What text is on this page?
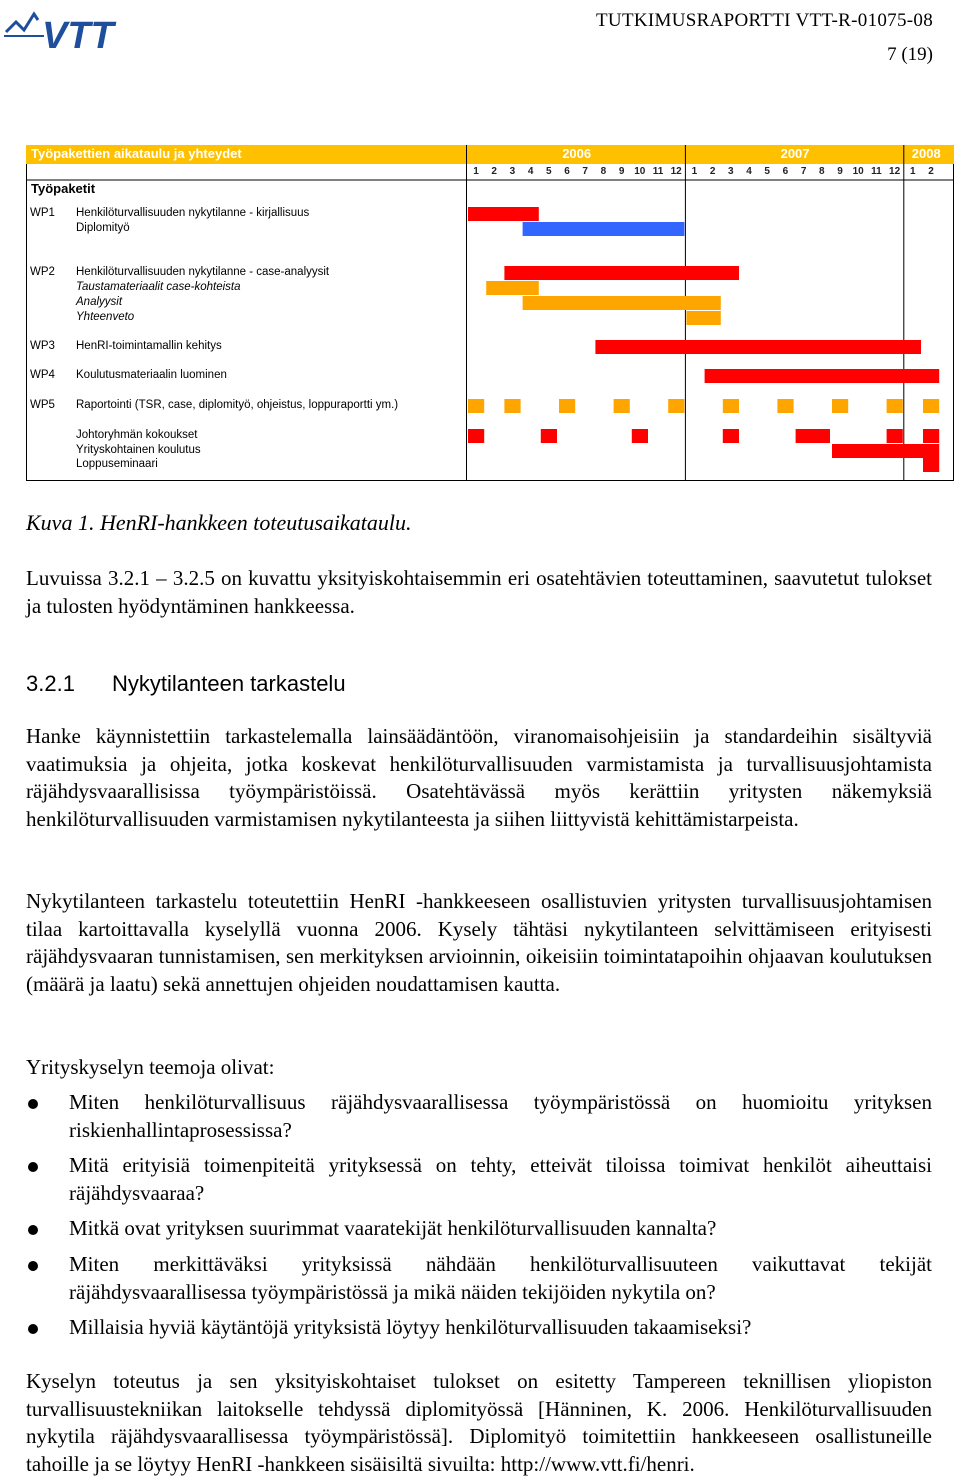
VTT	TUTKIMUSRAPORTTI VTT-R-01075-08
7 (19)
Työpakettien aikataulu ja yhteydet
Työpaketit
2006	2007	2008
1	2	3	4	5	6	7	8	9 10 11 12 1	2	3	4	5	6	7	8	9 10 11 12 1	2
WP1 Henkilöturvallisuuden nykytilanne - kirjallisuus
Diplomityö
WP2 Henkilöturvallisuuden nykytilanne - case-analyysit
Taustamateriaalit case-kohteista
Analyysit
Yhteenveto
WP3 HenRI-toimintamallin kehitys
WP4 Koulutusmateriaalin luominen
WP5 Raportointi (TSR, case, diplomityö, ohjeistus, loppuraportti ym.)
Johtoryhmän kokoukset
Yrityskohtainen koulutus
Loppuseminaari
Kuva 1. HenRI-hankkeen toteutusaikataulu.
Luvuissa 3.2.1 – 3.2.5 on kuvattu yksityiskohtaisemmin eri osatehtävien toteuttaminen, saavutetut tulokset ja tulosten hyödyntäminen hankkeessa.
3.2.1 Nykytilanteen tarkastelu
Hanke käynnistettiin tarkastelemalla lainsäädäntöön, viranomaisohjeisiin ja standardeihin sisältyviä vaatimuksia ja ohjeita, jotka koskevat henkilöturvallisuuden varmistamista ja turvallisuusjohtamista räjähdysvaarallisissa työympäristöissä. Osatehtävässä myös kerättiin yritysten näkemyksiä henkilöturvallisuuden varmistamisen nykytilanteesta ja siihen liittyvistä kehittämistarpeista.
Nykytilanteen tarkastelu toteutettiin HenRI -hankkeeseen osallistuvien yritysten turvallisuusjohtamisen tilaa kartoittavalla kyselyllä vuonna 2006. Kysely tähtäsi nykytilanteen selvittämiseen erityisesti räjähdysvaaran tunnistamisen, sen merkityksen arvioinnin, oikeisiin toimintatapoihin ohjaavan koulutuksen (määrä ja laatu) sekä annettujen ohjeiden noudattamisen kautta.
Yrityskyselyn teemoja olivat:
Miten henkilöturvallisuus räjähdysvaarallisessa työympäristössä on huomioitu yrityksen riskienhallintaprosessissa?
Mitä erityisiä toimenpiteitä yrityksessä on tehty, etteivät tiloissa toimivat henkilöt aiheuttaisi räjähdysvaaraa?
Mitkä ovat yrityksen suurimmat vaaratekijät henkilöturvallisuuden kannalta?
Miten merkittäväksi yrityksissä nähdään henkilöturvallisuuteen vaikuttavat tekijät räjähdysvaarallisessa työympäristössä ja mikä näiden tekijöiden nykytila on?
Millaisia hyviä käytäntöjä yrityksistä löytyy henkilöturvallisuuden takaamiseksi?
Kyselyn toteutus ja sen yksityiskohtaiset tulokset on esitetty Tampereen teknillisen yliopiston turvallisuustekniikan laitokselle tehdyssä diplomityössä [Hänninen, K. 2006. Henkilöturvallisuuden nykytila räjähdysvaarallisessa työympäristössä]. Diplomityö toimitettiin hankkeeseen osallistuneille tahoille ja se löytyy HenRI -hankkeen sisäisiltä sivuilta: http://www.vtt.fi/henri.
